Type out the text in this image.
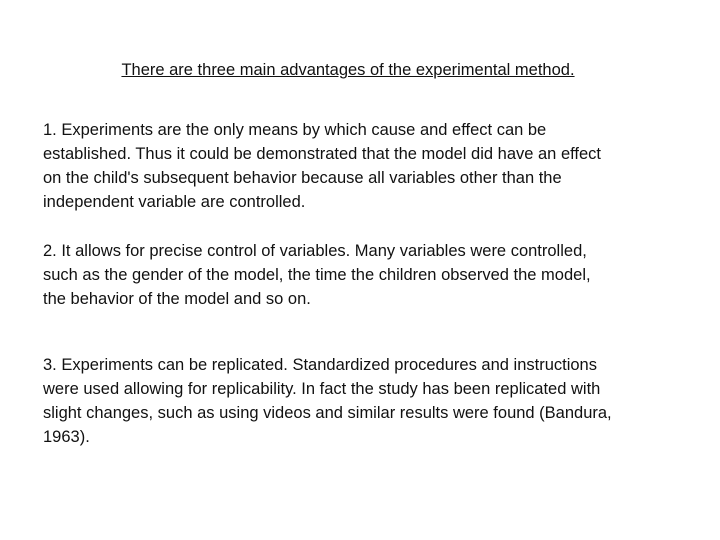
There are three main advantages of the experimental method.
1. Experiments are the only means by which cause and effect can be
established. Thus it could be demonstrated that the model did have an effect
on the child's subsequent behavior because all variables other than the
independent variable are controlled.
2. It allows for precise control of variables. Many variables were controlled,
such as the gender of the model, the time the children observed the model,
the behavior of the model and so on.
3. Experiments can be replicated. Standardized procedures and instructions
were used allowing for replicability. In fact the study has been replicated with
slight changes, such as using videos and similar results were found (Bandura,
1963).
